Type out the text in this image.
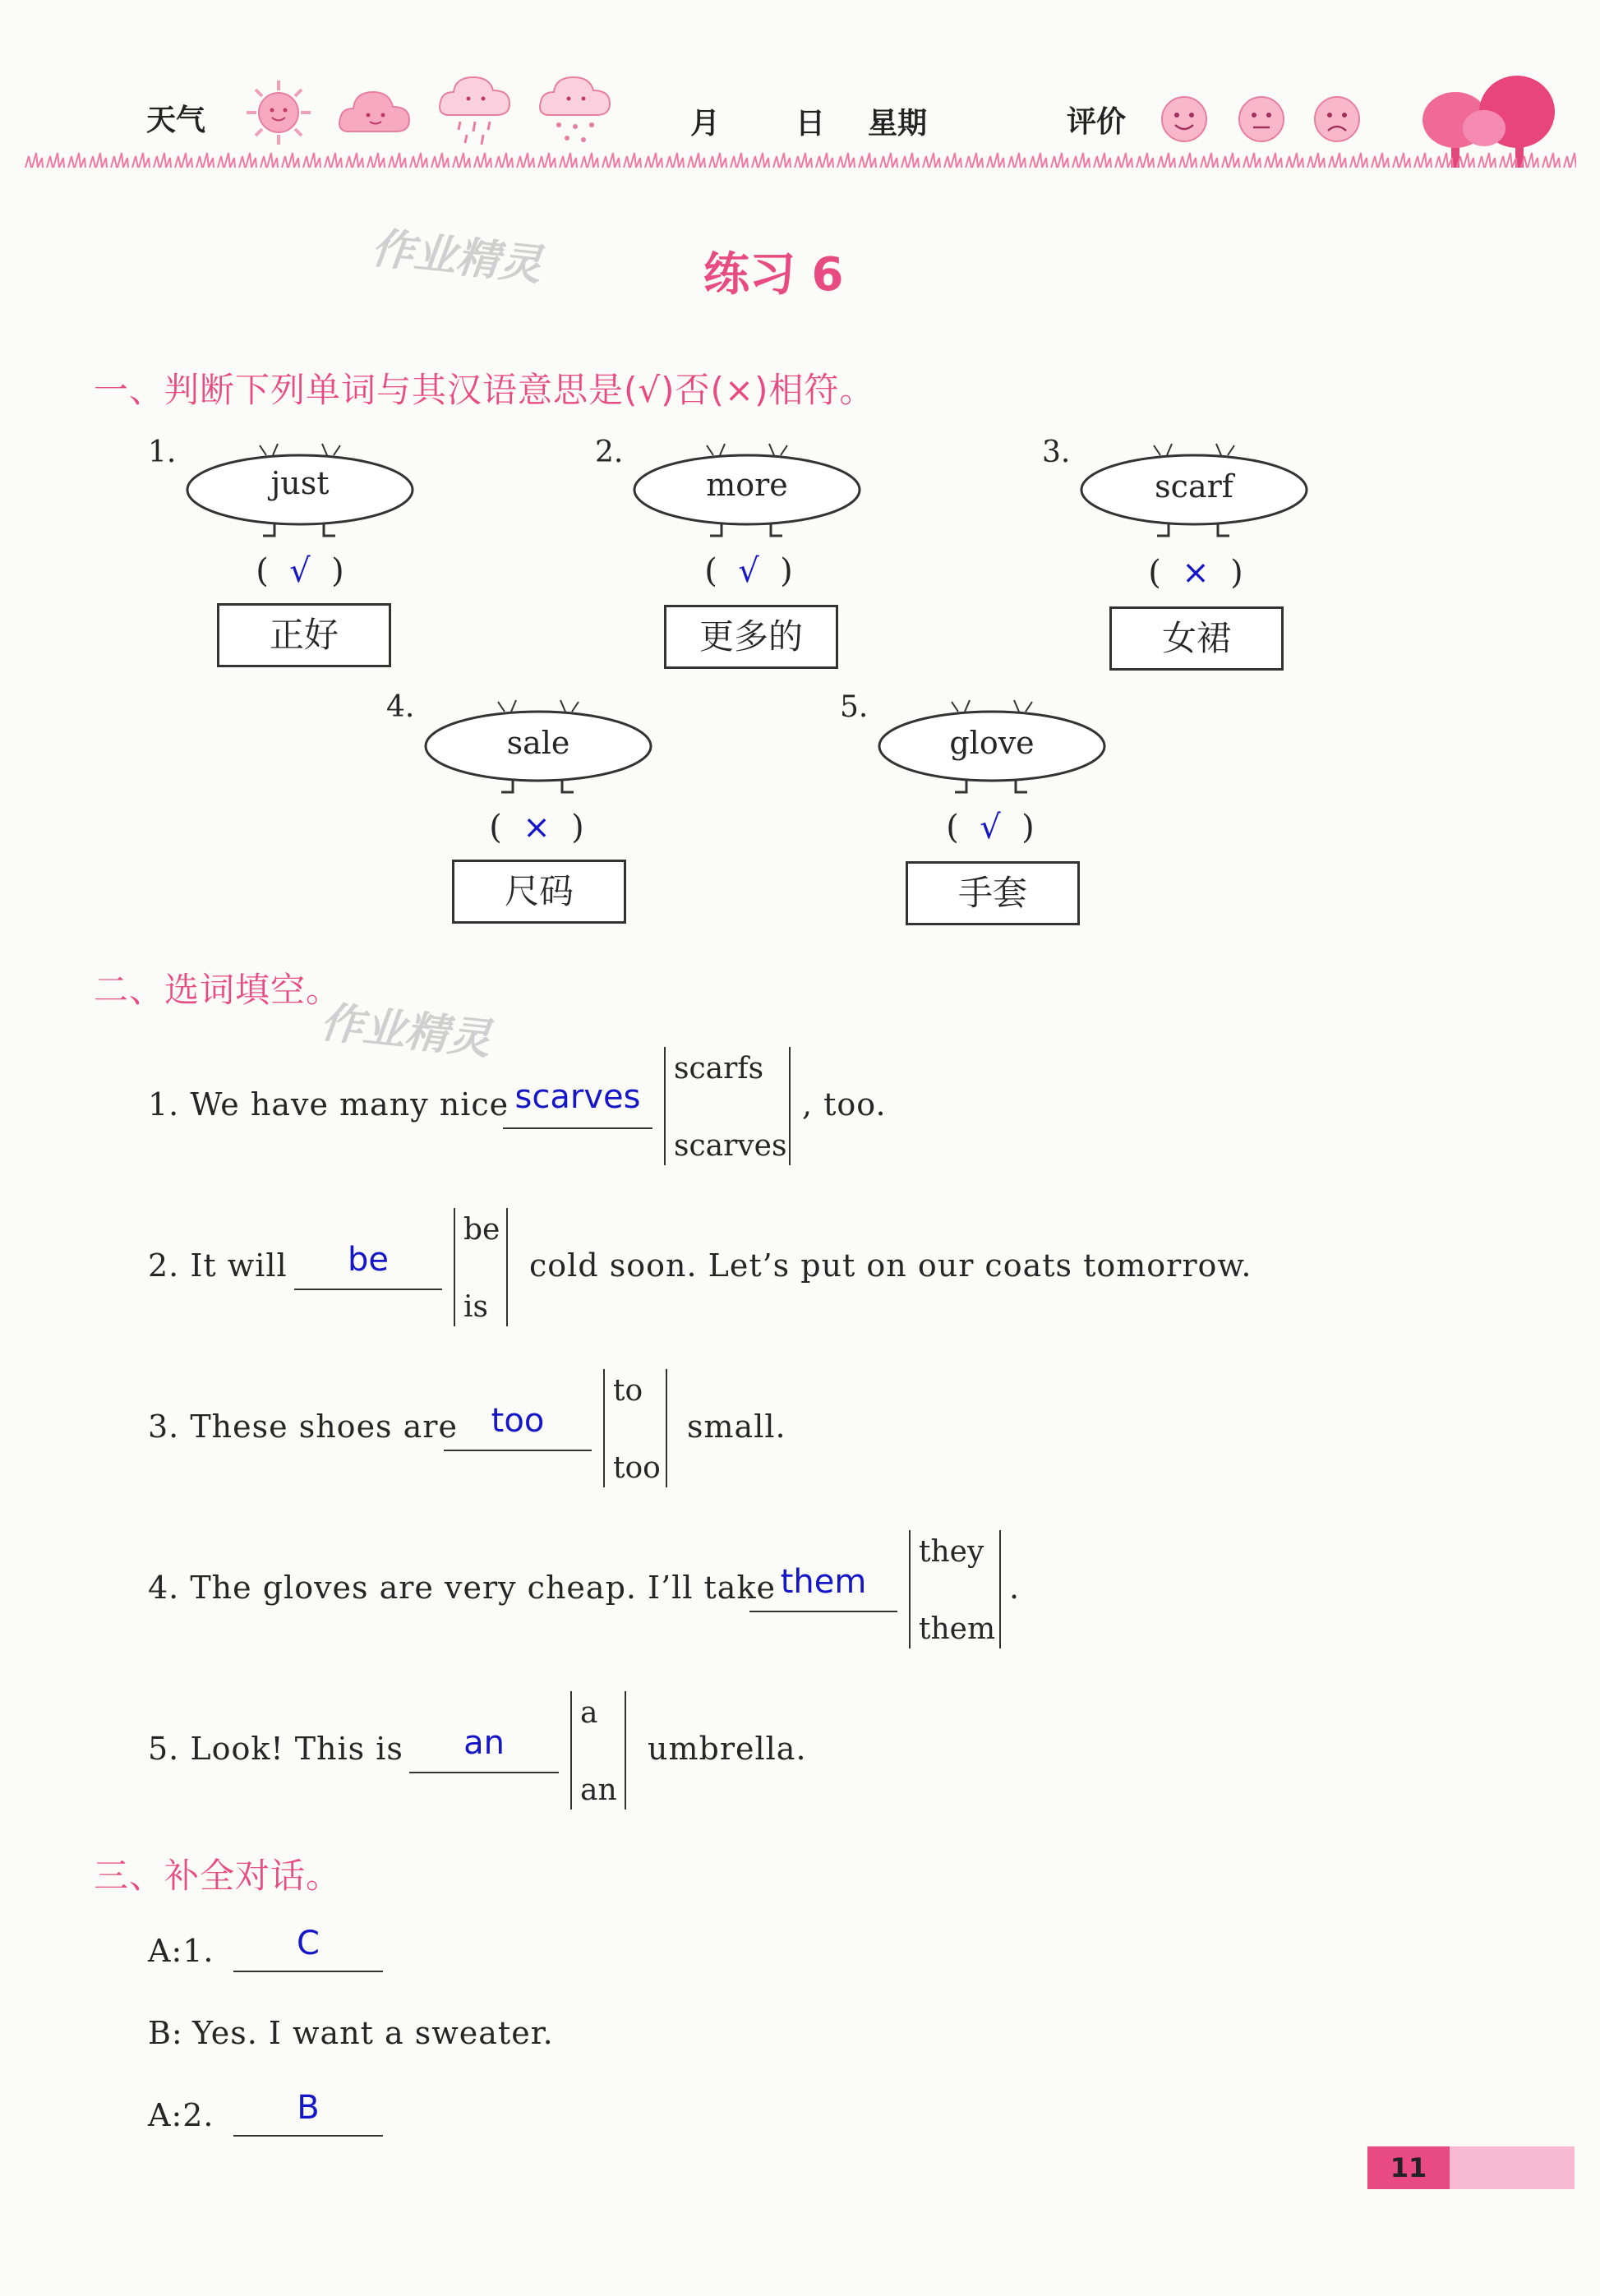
天气	月	日 星期	评价
作业精灵
作业精灵
练习 6
一、判断下列单词与其汉语意思是(√)否(×)相符。
1.
just
(  √  )
正好
2.
more
(  √  )
更多的
3.
scarf
(  ×  )
女裙
4.
sale
(  ×  )
尺码
5.
glove
(  √  )
手套
二、选词填空。
1. We have many nice scarves
scarfs
scarves
, too.
2. It will	be
be
is
cold soon. Let’s put on our coats tomorrow.
3. These shoes are	too
to
too
small.
4. The gloves are very cheap. I’ll take them
they
them
.
5. Look! This is	an
a
an
umbrella.
三、补全对话。
A:1.	C
B: Yes. I want a sweater.
A:2.	B
11
